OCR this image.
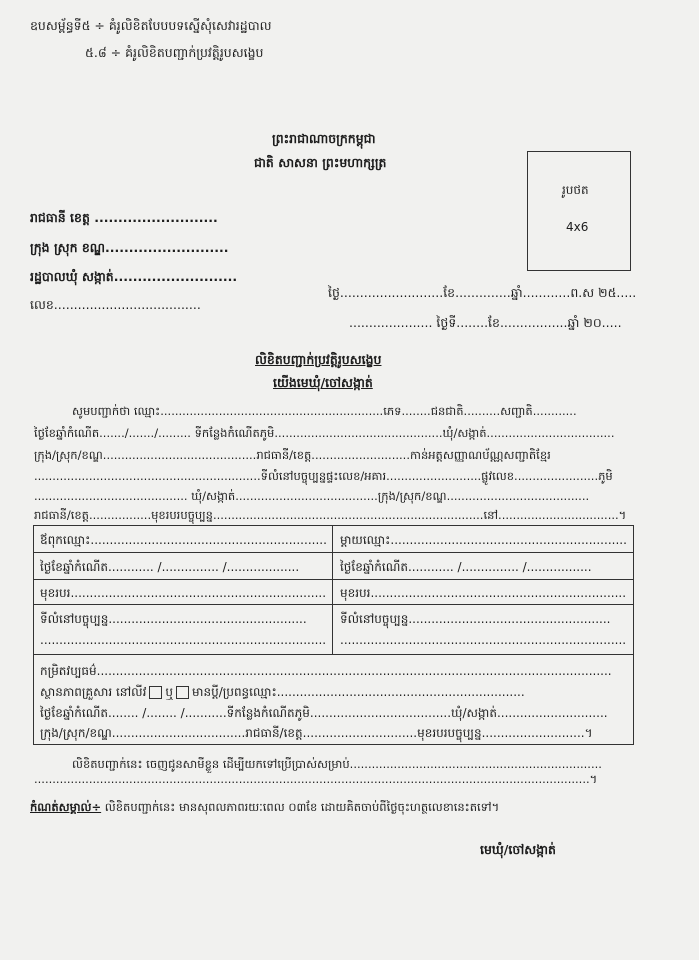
ឧបសម្ព័ន្ធទី៥ ÷ គំរូលិខិតបែបបទស្នើសុំសេវារដ្ឋបាល
៥.៨ ÷ គំរូលិខិតបញ្ជាក់ប្រវត្តិរូបសង្ខេប
ព្រះរាជាណាចក្រកម្ពុជា
ជាតិ សាសនា ព្រះមហាក្សត្រ
រូបថត
4x6
រាជធានី ខេត្ត ..........................
ក្រុង ស្រុក ខណ្ឌ..........................
រដ្ឋបាលឃុំ សង្កាត់..........................
លេខ.....................................
ថ្ងៃ..........................ខែ..............ឆ្នាំ............ព.ស ២៥.....
..................... ថ្ងៃទី........ខែ.................ឆ្នាំ ២០.....
លិខិតបញ្ជាក់ប្រវត្តិរូបសង្ខេប
យើងមេឃុំ/ចៅសង្កាត់
សូមបញ្ជាក់ថា ឈ្មោះ.............................................................ភេទ........ជនជាតិ..........សញ្ជាតិ............
ថ្ងៃខែឆ្នាំកំណើត......./......./......... ទីកន្លែងកំណើតភូមិ..............................................ឃុំ/សង្កាត់...................................
ក្រុង/ស្រុក/ខណ្ឌ..........................................រាជធានី/ខេត្ត...........................កាន់អត្តសញ្ញាណប័ណ្ណសញ្ជាតិខ្មែរ
..............................................................ទីលំនៅបច្ចុប្បន្នផ្ទះលេខ/អគារ..........................ផ្លូវលេខ.......................ភូមិ
.......................................... ឃុំ/សង្កាត់.......................................ក្រុង/ស្រុក/ខណ្ឌ.......................................
រាជធានី/ខេត្ត.................មុខរបរបច្ចុប្បន្ន..........................................................................នៅ.................................។
ឪពុកឈ្មោះ.............................................................. ម្ដាយឈ្មោះ..............................................................
ថ្ងៃខែឆ្នាំកំណើត............ /............... /...................	ថ្ងៃខែឆ្នាំកំណើត............ /............... /.................
មុខរបរ................................................................... មុខរបរ...................................................................
ទីលំនៅបច្ចុប្បន្ន....................................................	ទីលំនៅបច្ចុប្បន្ន.....................................................
........................................................................... ...........................................................................
កម្រិតវប្បធម៌.......................................................................................................................................
ស្ថានភាពគ្រួសារ នៅលីវ ឬ មានប្ដី/ប្រពន្ធឈ្មោះ.................................................................
ថ្ងៃខែឆ្នាំកំណើត........ /........ /...........ទីកន្លែងកំណើតភូមិ.....................................ឃុំ/សង្កាត់.............................
ក្រុង/ស្រុក/ខណ្ឌ...................................រាជធានី/ខេត្ត..............................មុខរបរបច្ចុប្បន្ន...........................។
លិខិតបញ្ជាក់នេះ ចេញជូនសាមីខ្លួន ដើម្បីយកទៅប្រើប្រាស់សម្រាប់.....................................................................
........................................................................................................................................................។
កំណត់សម្គាល់÷ លិខិតបញ្ជាក់នេះ មានសុពលភាពរយៈពេល ០៣ខែ ដោយគិតចាប់ពីថ្ងៃចុះហត្ថលេខានេះតទៅ។
មេឃុំ/ចៅសង្កាត់
